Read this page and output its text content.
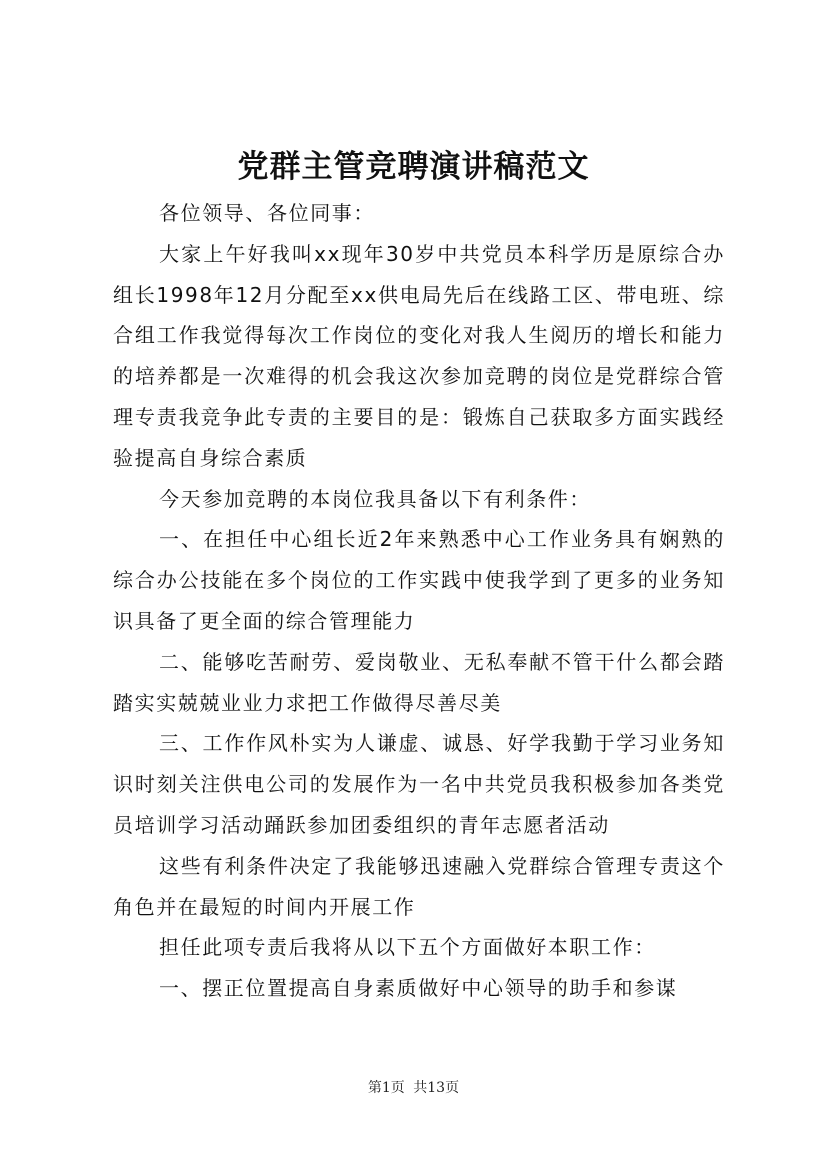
党群主管竞聘演讲稿范文

各位领导、各位同事：

大家上午好我叫xx现年30岁中共党员本科学历是原综合办组长1998年12月分配至xx供电局先后在线路工区、带电班、综合组工作我觉得每次工作岗位的变化对我人生阅历的增长和能力的培养都是一次难得的机会我这次参加竞聘的岗位是党群综合管理专责我竞争此专责的主要目的是：锻炼自己获取多方面实践经验提高自身综合素质

今天参加竞聘的本岗位我具备以下有利条件：

一、在担任中心组长近2年来熟悉中心工作业务具有娴熟的综合办公技能在多个岗位的工作实践中使我学到了更多的业务知识具备了更全面的综合管理能力

二、能够吃苦耐劳、爱岗敬业、无私奉献不管干什么都会踏踏实实兢兢业业力求把工作做得尽善尽美

三、工作作风朴实为人谦虚、诚恳、好学我勤于学习业务知识时刻关注供电公司的发展作为一名中共党员我积极参加各类党员培训学习活动踊跃参加团委组织的青年志愿者活动

这些有利条件决定了我能够迅速融入党群综合管理专责这个角色并在最短的时间内开展工作

担任此项专责后我将从以下五个方面做好本职工作：

一、摆正位置提高自身素质做好中心领导的助手和参谋

第1页 共13页
